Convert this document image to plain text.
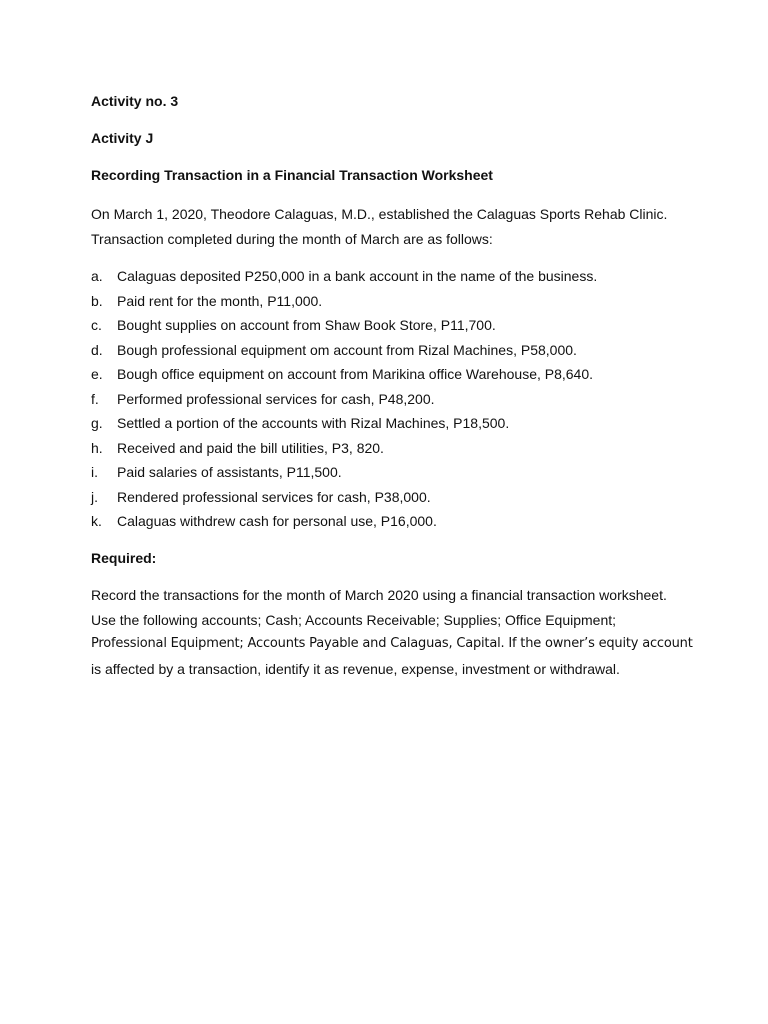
Activity no. 3
Activity J
Recording Transaction in a Financial Transaction Worksheet
On March 1, 2020, Theodore Calaguas, M.D., established the Calaguas Sports Rehab Clinic.
Transaction completed during the month of March are as follows:
a.	Calaguas deposited P250,000 in a bank account in the name of the business.
b.	Paid rent for the month, P11,000.
c.	Bought supplies on account from Shaw Book Store, P11,700.
d.	Bough professional equipment om account from Rizal Machines, P58,000.
e.	Bough office equipment on account from Marikina office Warehouse, P8,640.
f.	Performed professional services for cash, P48,200.
g.	Settled a portion of the accounts with Rizal Machines, P18,500.
h.	Received and paid the bill utilities, P3, 820.
i.	Paid salaries of assistants, P11,500.
j.	Rendered professional services for cash, P38,000.
k.	Calaguas withdrew cash for personal use, P16,000.
Required:
Record the transactions for the month of March 2020 using a financial transaction worksheet.
Use the following accounts; Cash; Accounts Receivable; Supplies; Office Equipment;
Professional Equipment; Accounts Payable and Calaguas, Capital. If the owner’s equity account
is affected by a transaction, identify it as revenue, expense, investment or withdrawal.
